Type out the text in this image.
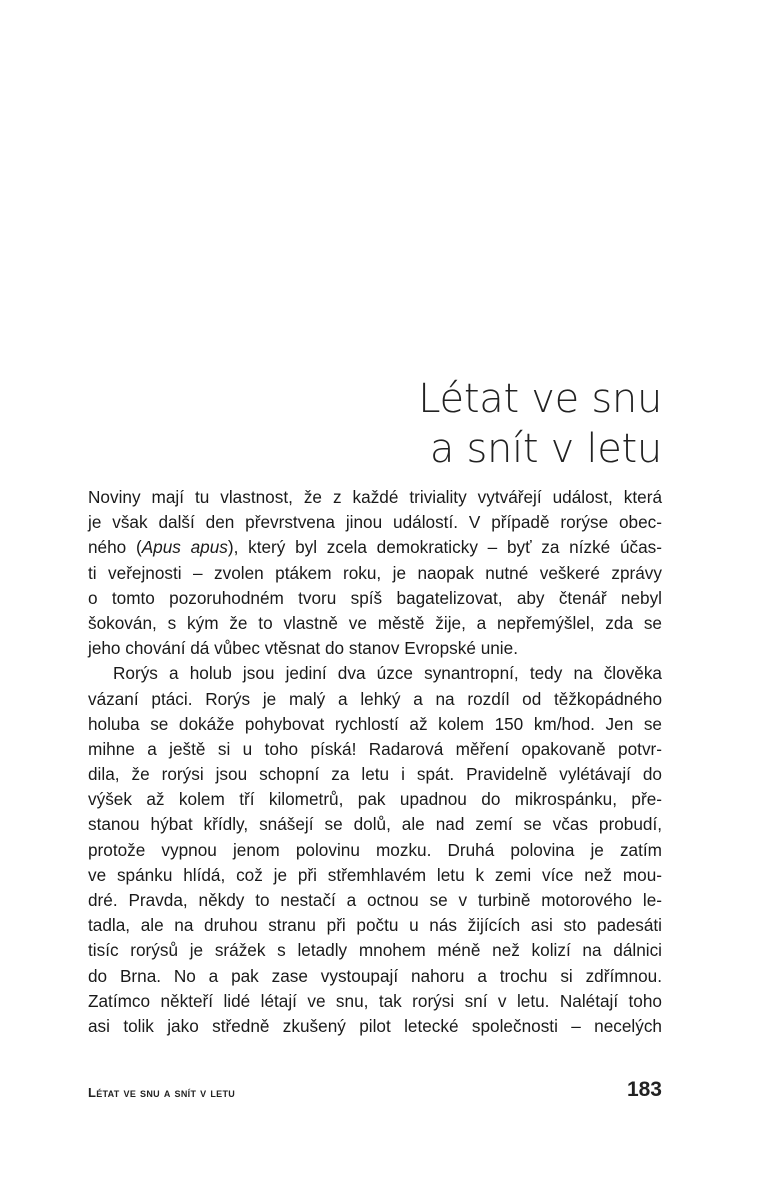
Létat ve snu
a snít v letu
Noviny mají tu vlastnost, že z každé triviality vytvářejí událost, která
je však další den převrstvena jinou událostí. V případě rorýse obec-
ného (Apus apus), který byl zcela demokraticky – byť za nízké účas-
ti veřejnosti – zvolen ptákem roku, je naopak nutné veškeré zprávy
o tomto pozoruhodném tvoru spíš bagatelizovat, aby čtenář nebyl
šokován, s kým že to vlastně ve městě žije, a nepřemýšlel, zda se
jeho chování dá vůbec vtěsnat do stanov Evropské unie.
Rorýs a holub jsou jediní dva úzce synantropní, tedy na člověka
vázaní ptáci. Rorýs je malý a lehký a na rozdíl od těžkopádného
holuba se dokáže pohybovat rychlostí až kolem 150 km/hod. Jen se
mihne a ještě si u toho píská! Radarová měření opakovaně potvr-
dila, že rorýsi jsou schopní za letu i spát. Pravidelně vylétávají do
výšek až kolem tří kilometrů, pak upadnou do mikrospánku, pře-
stanou hýbat křídly, snášejí se dolů, ale nad zemí se včas probudí,
protože vypnou jenom polovinu mozku. Druhá polovina je zatím
ve spánku hlídá, což je při střemhlavém letu k zemi více než mou-
dré. Pravda, někdy to nestačí a octnou se v turbině motorového le-
tadla, ale na druhou stranu při počtu u nás žijících asi sto padesáti
tisíc rorýsů je srážek s letadly mnohem méně než kolizí na dálnici
do Brna. No a pak zase vystoupají nahoru a trochu si zdřímnou.
Zatímco někteří lidé létají ve snu, tak rorýsi sní v letu. Nalétají toho
asi tolik jako středně zkušený pilot letecké společnosti – necelých
Létat ve snu a snít v letu	183
